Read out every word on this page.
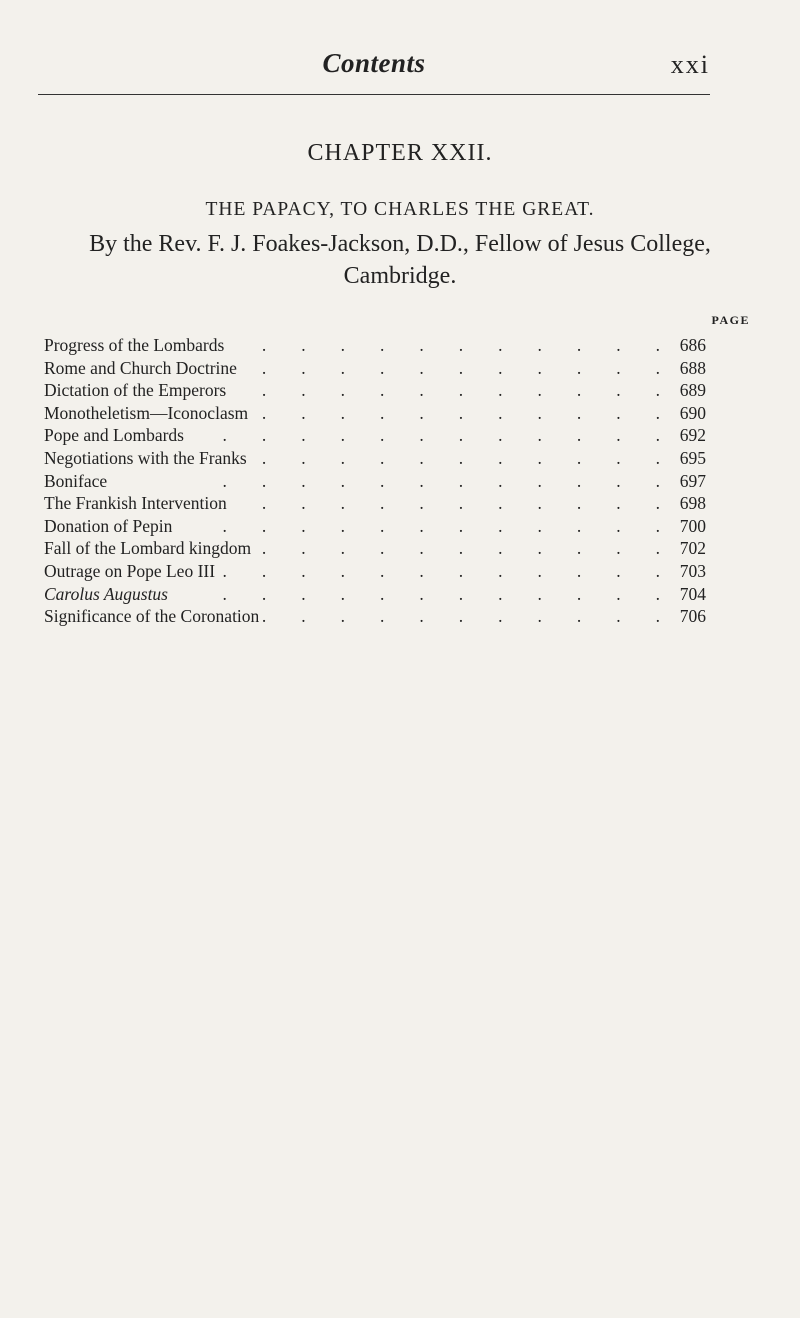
Contents	xxi
CHAPTER XXII.
THE PAPACY, TO CHARLES THE GREAT.
By the Rev. F. J. Foakes-Jackson, D.D., Fellow of Jesus College, Cambridge.
PAGE
.
Progress of the Lombards	686
.
Rome and Church Doctrine	688
.
Dictation of the Emperors	689
.
Monotheletism—Iconoclasm	690
.
Pope and Lombards	692
.
Negotiations with the Franks	695
.
Boniface	697
.
The Frankish Intervention	698
.
Donation of Pepin	700
.
Fall of the Lombard kingdom	702
.
Outrage on Pope Leo III	703
.
Carolus Augustus	704
.
Significance of the Coronation	706
